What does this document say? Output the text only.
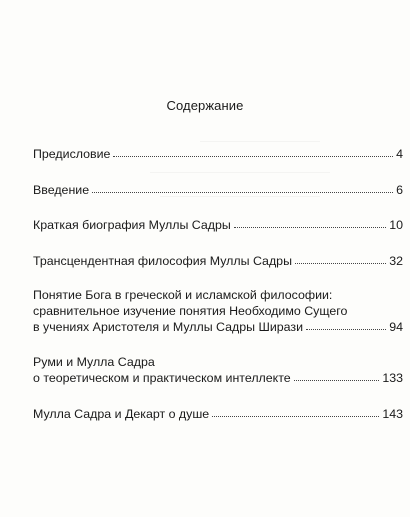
Содержание
Предисловие	4
Введение	6
Краткая биография Муллы Садры	10
Трансцендентная философия Муллы Садры	32
Понятие Бога в греческой и исламской философии:
сравнительное изучение понятия Необходимо Сущего
в учениях Аристотеля и Муллы Садры Ширази	94
Руми и Мулла Садра
о теоретическом и практическом интеллекте	133
Мулла Садра и Декарт о душе	143
